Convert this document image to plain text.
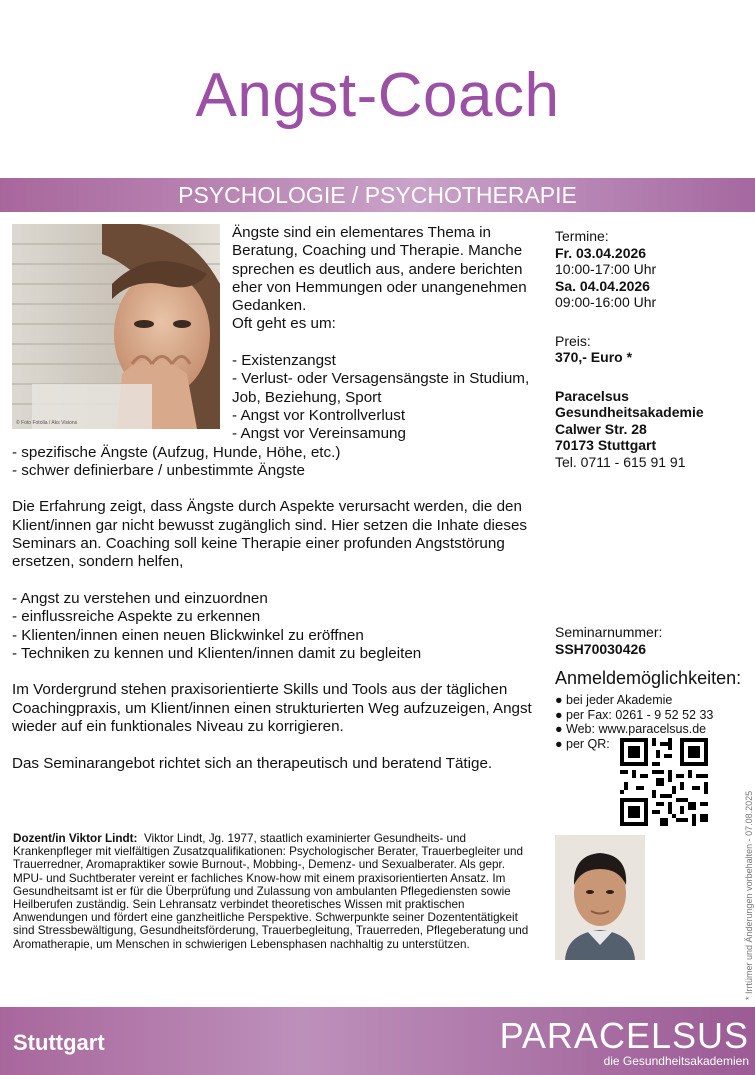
Angst-Coach
PSYCHOLOGIE / PSYCHOTHERAPIE
© Foto Fotolia / Aks Visions

Ängste sind ein elementares Thema in Beratung, Coaching und Therapie. Manche sprechen es deutlich aus, andere berichten eher von Hemmungen oder unangenehmen Gedanken.

Oft geht es um:

- Existenzangst
- Verlust- oder Versagensängste in Studium, Job, Beziehung, Sport
- Angst vor Kontrollverlust
- Angst vor Vereinsamung
- spezifische Ängste (Aufzug, Hunde, Höhe, etc.)
- schwer definierbare / unbestimmte Ängste

Die Erfahrung zeigt, dass Ängste durch Aspekte verursacht werden, die den Klient/innen gar nicht bewusst zugänglich sind. Hier setzen die Inhate dieses Seminars an. Coaching soll keine Therapie einer profunden Angststörung ersetzen, sondern helfen,

- Angst zu verstehen und einzuordnen
- einflussreiche Aspekte zu erkennen
- Klienten/innen einen neuen Blickwinkel zu eröffnen
- Techniken zu kennen und Klienten/innen damit zu begleiten

Im Vordergrund stehen praxisorientierte Skills und Tools aus der täglichen Coachingpraxis, um Klient/innen einen strukturierten Weg aufzuzeigen, Angst wieder auf ein funktionales Niveau zu korrigieren.

Das Seminarangebot richtet sich an therapeutisch und beratend Tätige.

Termine:
Fr. 03.04.2026
10:00-17:00 Uhr
Sa. 04.04.2026
09:00-16:00 Uhr
Preis:
370,- Euro *
Paracelsus
Gesundheitsakademie
Calwer Str. 28
70173 Stuttgart
Tel. 0711 - 615 91 91
Seminarnummer:
SSH70030426
Anmeldemöglichkeiten:
● bei jeder Akademie
● per Fax: 0261 - 9 52 52 33
● Web: www.paracelsus.de
● per QR:
Dozent/in Viktor Lindt: Viktor Lindt, Jg. 1977, staatlich examinierter Gesundheits- und Krankenpfleger mit vielfältigen Zusatzqualifikationen: Psychologischer Berater, Trauerbegleiter und Trauerredner, Aromapraktiker sowie Burnout-, Mobbing-, Demenz- und Sexualberater. Als gepr. MPU- und Suchtberater vereint er fachliches Know-how mit einem praxisorientierten Ansatz. Im Gesundheitsamt ist er für die Überprüfung und Zulassung von ambulanten Pflegediensten sowie Heilberufen zuständig. Sein Lehransatz verbindet theoretisches Wissen mit praktischen Anwendungen und fördert eine ganzheitliche Perspektive. Schwerpunkte seiner Dozententätigkeit sind Stressbewältigung, Gesundheitsförderung, Trauerbegleitung, Trauerreden, Pflegeberatung und Aromatherapie, um Menschen in schwierigen Lebensphasen nachhaltig zu unterstützen.	* Irrtümer und Änderungen vorbehalten - 07.08.2025
Stuttgart	PARACELSUS
die Gesundheitsakademien
